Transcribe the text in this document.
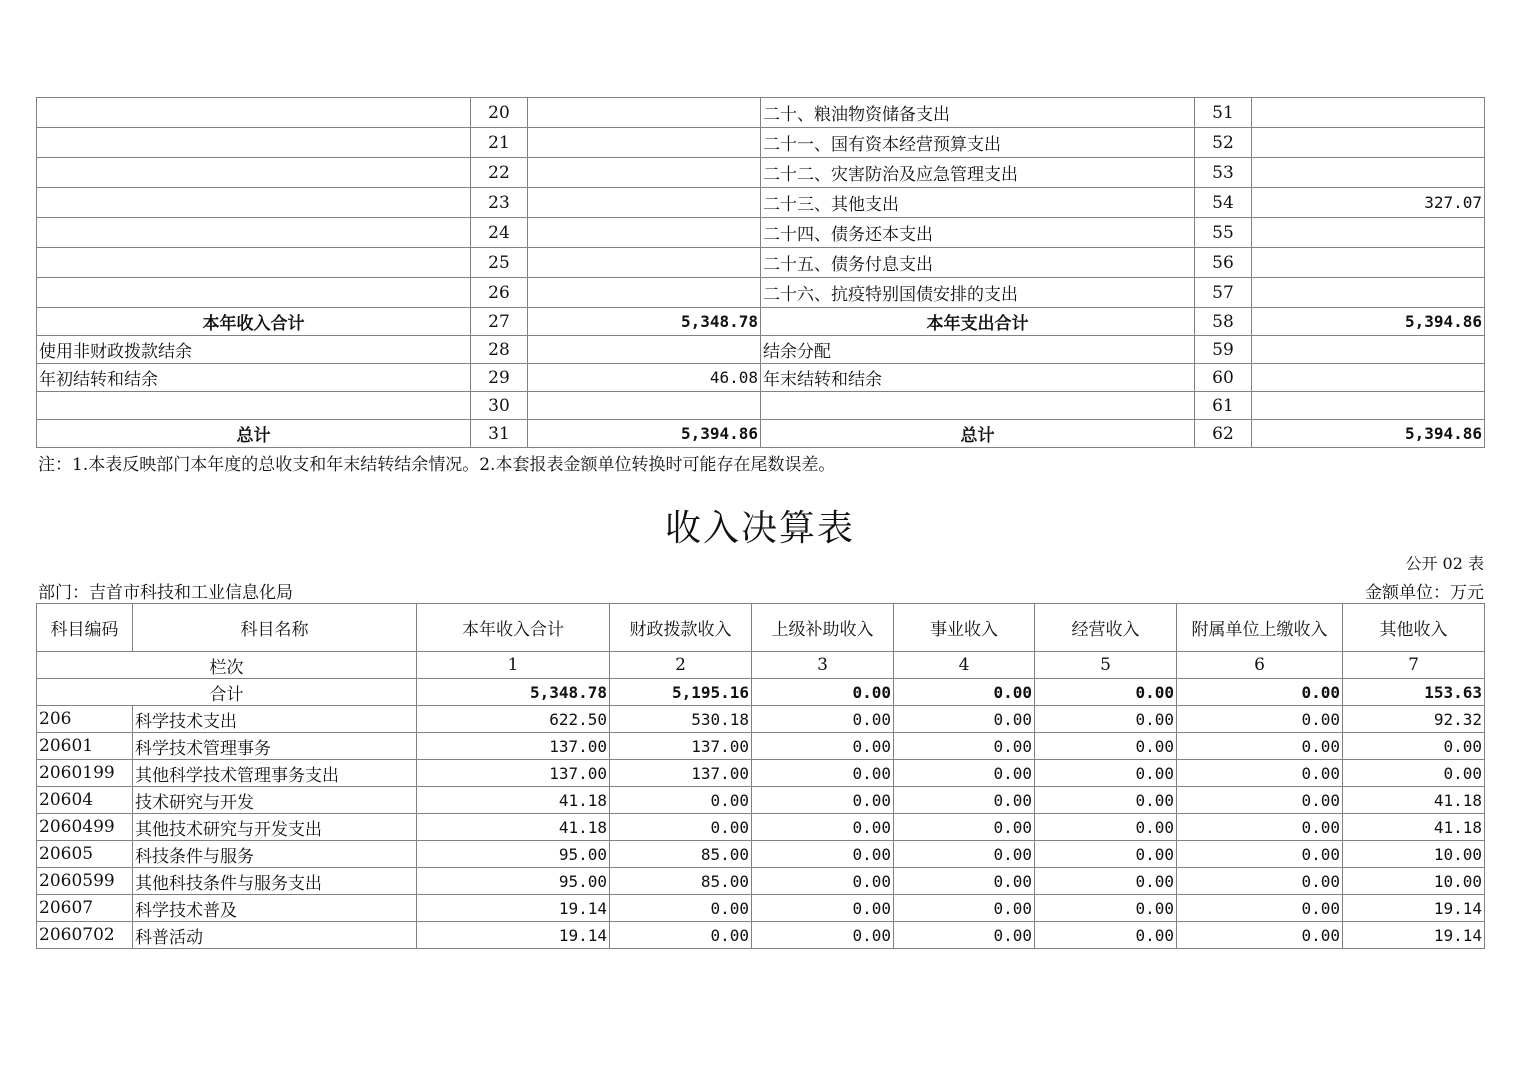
	20		二十、粮油物资储备支出	51	
	21		二十一、国有资本经营预算支出	52	
	22		二十二、灾害防治及应急管理支出	53	
	23		二十三、其他支出	54	327.07
	24		二十四、债务还本支出	55	
	25		二十五、债务付息支出	56	
	26		二十六、抗疫特别国债安排的支出	57	
本年收入合计	27	5,348.78	本年支出合计	58	5,394.86
使用非财政拨款结余	28		结余分配	59	
年初结转和结余	29	46.08	年末结转和结余	60	
	30			61	
总计	31	5,394.86	总计	62	5,394.86
注：1.本表反映部门本年度的总收支和年末结转结余情况。2.本套报表金额单位转换时可能存在尾数误差。
收入决算表
公开 02 表
部门：吉首市科技和工业信息化局	金额单位：万元
科目编码	科目名称	本年收入合计	财政拨款收入	上级补助收入	事业收入	经营收入	附属单位上缴收入	其他收入
栏次		1	2	3	4	5	6	7
合计		5,348.78	5,195.16	0.00	0.00	0.00	0.00	153.63
206	科学技术支出	622.50	530.18	0.00	0.00	0.00	0.00	92.32
20601	科学技术管理事务	137.00	137.00	0.00	0.00	0.00	0.00	0.00
2060199	其他科学技术管理事务支出	137.00	137.00	0.00	0.00	0.00	0.00	0.00
20604	技术研究与开发	41.18	0.00	0.00	0.00	0.00	0.00	41.18
2060499	其他技术研究与开发支出	41.18	0.00	0.00	0.00	0.00	0.00	41.18
20605	科技条件与服务	95.00	85.00	0.00	0.00	0.00	0.00	10.00
2060599	其他科技条件与服务支出	95.00	85.00	0.00	0.00	0.00	0.00	10.00
20607	科学技术普及	19.14	0.00	0.00	0.00	0.00	0.00	19.14
2060702	科普活动	19.14	0.00	0.00	0.00	0.00	0.00	19.14
